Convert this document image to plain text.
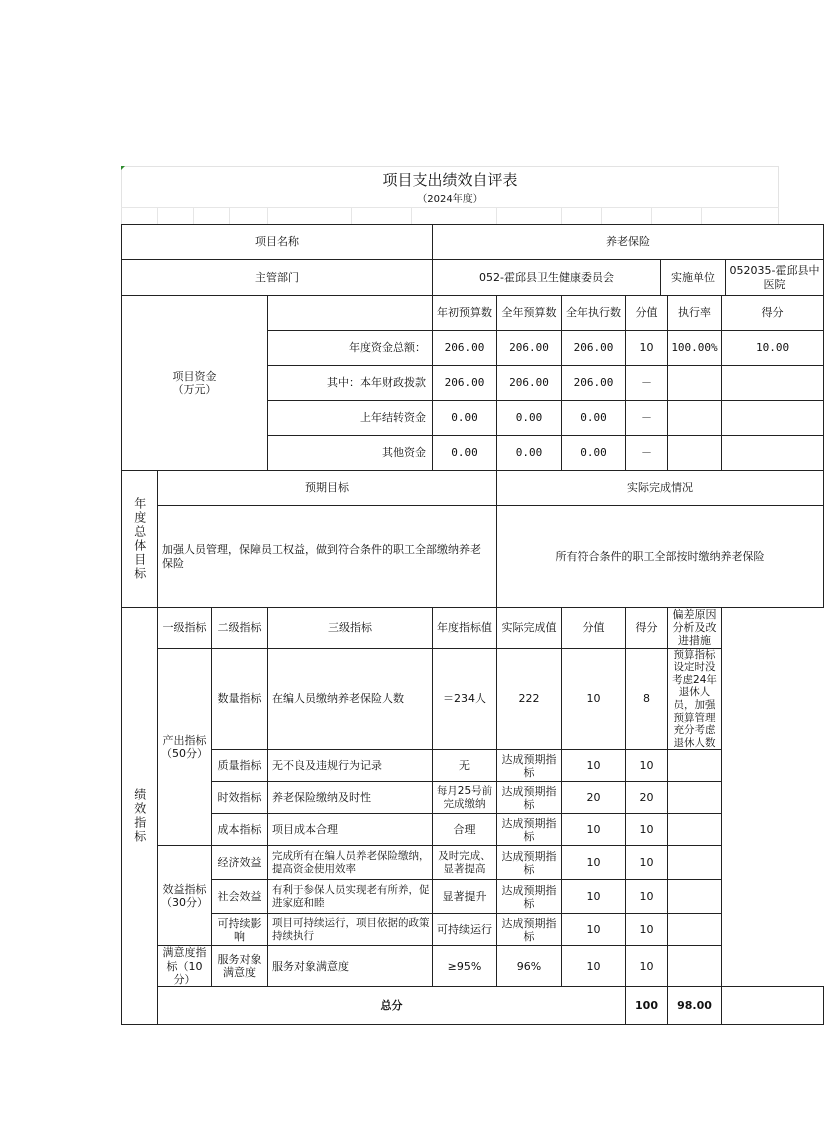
项目支出绩效自评表
（2024年度）
项目名称				养老保险					
主管部门				052-霍邱县卫生健康委员会 实施单位
052035-霍邱县中医院					

项目资金
（万元）				年初预算数	全年预算数	全年执行数	分值	执行率	得分
			年度资金总额：	206.00	206.00	206.00	10	100.00%	10.00
			其中：本年财政拨款	206.00	206.00	206.00	－		
			上年结转资金	0.00	0.00	0.00	－		
			其他资金	0.00	0.00	0.00	－		

年度总体目标	预期目标				实际完成情况				
	加强人员管理，保障员工权益，做到符合条件的职工全部缴纳养老保险				所有符合条件的职工全部按时缴纳养老保险				

绩效指标	一级指标	二级指标	三级指标	年度指标值	实际完成值	分值	得分	偏差原因分析及改进措施	
	产出指标
（50分）	数量指标	在编人员缴纳养老保险人数	＝234人	222	10	8	预算指标设定时没考虑24年退休人员，加强预算管理充分考虑退休人数	
		质量指标	无不良及违规行为记录	无	达成预期指标	10	10		
		时效指标	养老保险缴纳及时性	每月25号前完成缴纳	达成预期指标	20	20		
		成本指标	项目成本合理	合理	达成预期指标	10	10		
	效益指标
（30分）	经济效益	完成所有在编人员养老保险缴纳，提高资金使用效率	及时完成、显著提高	达成预期指标	10	10		
		社会效益	有利于参保人员实现老有所养，促进家庭和睦	显著提升	达成预期指标	10	10		
		可持续影响	项目可持续运行，项目依据的政策持续执行	可持续运行	达成预期指标	10	10		
	满意度指标（10分）	服务对象满意度	服务对象满意度	≥95%	96%	10	10		
	总分						100	98.00	
